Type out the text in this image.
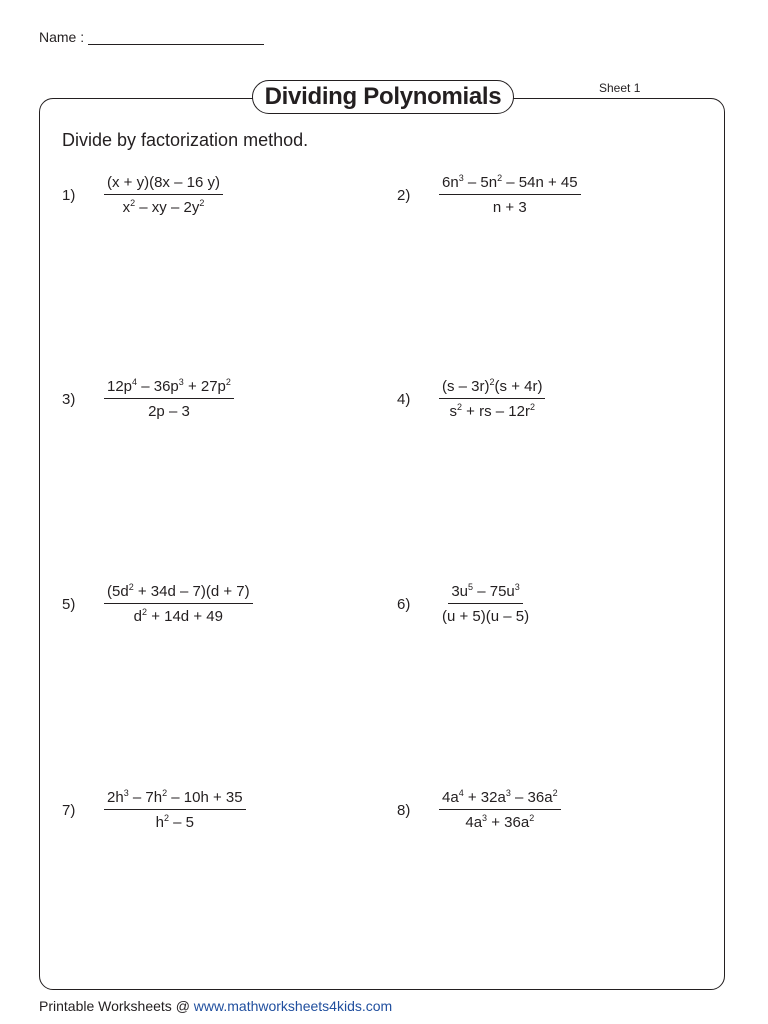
Name :
Dividing Polynomials	Sheet 1
Divide by factorization method.
1)	$\frac{(x + y)(8x - 16 y)}{x^2 - xy - 2y^2}$	2)	$\frac{6n^3 - 5n^2 - 54n + 45}{n + 3}$
3)	$\frac{12p^4 - 36p^3 + 27p^2}{2p - 3}$	4)	$\frac{(s - 3r)^2(s + 4r)}{s^2 + rs - 12r^2}$
5)	$\frac{(5d^2 + 34d - 7)(d + 7)}{d^2 + 14d + 49}$	6)	$\frac{3u^5 - 75u^3}{(u + 5)(u - 5)}$
7)	$\frac{2h^3 - 7h^2 - 10h + 35}{h^2 - 5}$	8)	$\frac{4a^4 + 32a^3 - 36a^2}{4a^3 + 36a^2}$
Printable Worksheets @ www.mathworksheets4kids.com
